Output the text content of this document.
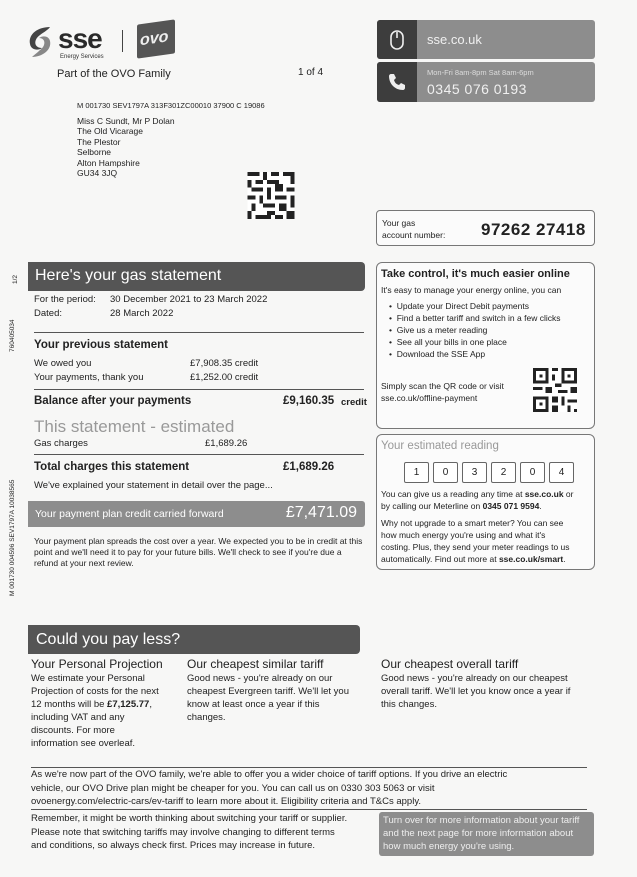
sse
Energy Services
ovo
Part of the OVO Family	1 of 4
sse.co.uk
Mon-Fri 8am-8pm Sat 8am-6pm
0345 076 0193
M 001730 SEV1797A 313F301ZC00010 37900 C 19086
Miss C Sundt, Mr P Dolan
The Old Vicarage
The Plestor
Selborne
Alton Hampshire
GU34 3JQ
Your gas
account number: 97262 27418
Here's your gas statement
For the period: 30 December 2021 to 23 March 2022
Dated:	28 March 2022
Your previous statement
We owed you	£7,908.35 credit
Your payments, thank you	£1,252.00 credit
Balance after your payments	£9,160.35 credit
This statement - estimated
Gas charges	£1,689.26
Total charges this statement	£1,689.26
We've explained your statement in detail over the page...
Your payment plan credit carried forward	£7,471.09
Your payment plan spreads the cost over a year. We expected you to be in credit at this point and we'll need it to pay for your future bills. We'll check to see if you're due a refund at your next review.
Take control, it's much easier online
It's easy to manage your energy online, you can
•  Update your Direct Debit payments
•  Find a better tariff and switch in a few clicks
•  Give us a meter reading
•  See all your bills in one place
•  Download the SSE App
Simply scan the QR code or visit
sse.co.uk/offline-payment
Your estimated reading
1	0	3	2	0	4
You can give us a reading any time at sse.co.uk or
by calling our Meterline on 0345 071 9594.
Why not upgrade to a smart meter? You can see
how much energy you're using and what it's
costing. Plus, they send your meter readings to us
automatically. Find out more at sse.co.uk/smart.
Could you pay less?
Your Personal Projection
We estimate your Personal
Projection of costs for the next
12 months will be £7,125.77,
including VAT and any
discounts. For more
information see overleaf.
Our cheapest similar tariff
Good news - you're already on our
cheapest Evergreen tariff. We'll let you
know at least once a year if this
changes.
Our cheapest overall tariff
Good news - you're already on our cheapest
overall tariff. We'll let you know once a year if
this changes.
As we're now part of the OVO family, we're able to offer you a wider choice of tariff options. If you drive an electric
vehicle, our OVO Drive plan might be cheaper for you. You can call us on 0330 303 5063 or visit
ovoenergy.com/electric-cars/ev-tariff to learn more about it. Eligibility criteria and T&Cs apply.
Remember, it might be worth thinking about switching your tariff or supplier.
Please note that switching tariffs may involve changing to different terms
and conditions, so always check first. Prices may increase in future.
Turn over for more information about your tariff and the next page for more information about how much energy you're using.
1/2
760405034
M 001730 004596 SEV1797A 10038565
